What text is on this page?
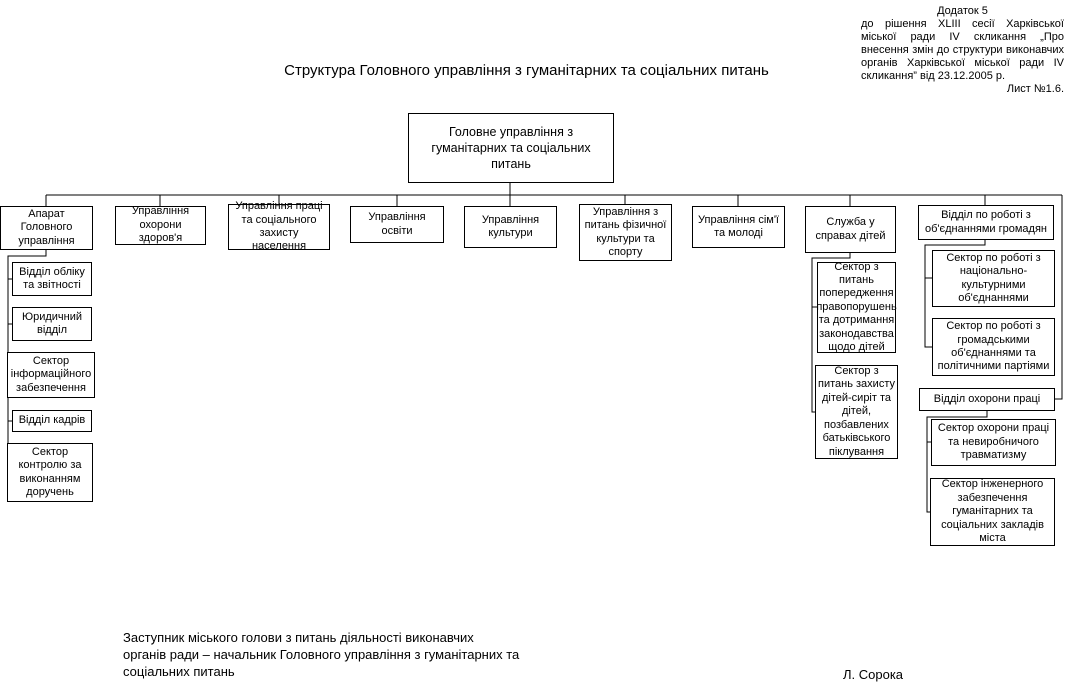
Додаток 5
до рішення XLIII сесії Харківської міської ради IV скликання „Про внесення змін до структури виконавчих органів Харківської міської ради IV скликання” від 23.12.2005 р.
Лист №1.6.
Структура Головного управління з гуманітарних та соціальних питань
Головне управління з гуманітарних та соціальних питань
Апарат Головного управління
Управління охорони здоров'я
Управління праці та соціального захисту населення
Управління освіти
Управління культури
Управління з питань фізичної культури та спорту
Управління сім'ї та молоді
Служба у справах дітей
Відділ по роботі з об'єднаннями громадян
Відділ обліку та звітності
Юридичний відділ
Сектор інформаційного забезпечення
Відділ кадрів
Сектор контролю за виконанням доручень
Сектор з питань попередження правопорушень та дотримання законодавства щодо дітей
Сектор з питань захисту дітей-сиріт та дітей, позбавлених батьківського піклування
Сектор по роботі з національно-культурними об'єднаннями
Сектор по роботі з громадськими об'єднаннями та політичними партіями
Відділ охорони праці
Сектор охорони праці та невиробничого травматизму
Сектор інженерного забезпечення гуманітарних та соціальних закладів міста
Заступник міського голови з питань діяльності виконавчих органів ради – начальник Головного управління з гуманітарних та соціальних питань	Л. Сорока
